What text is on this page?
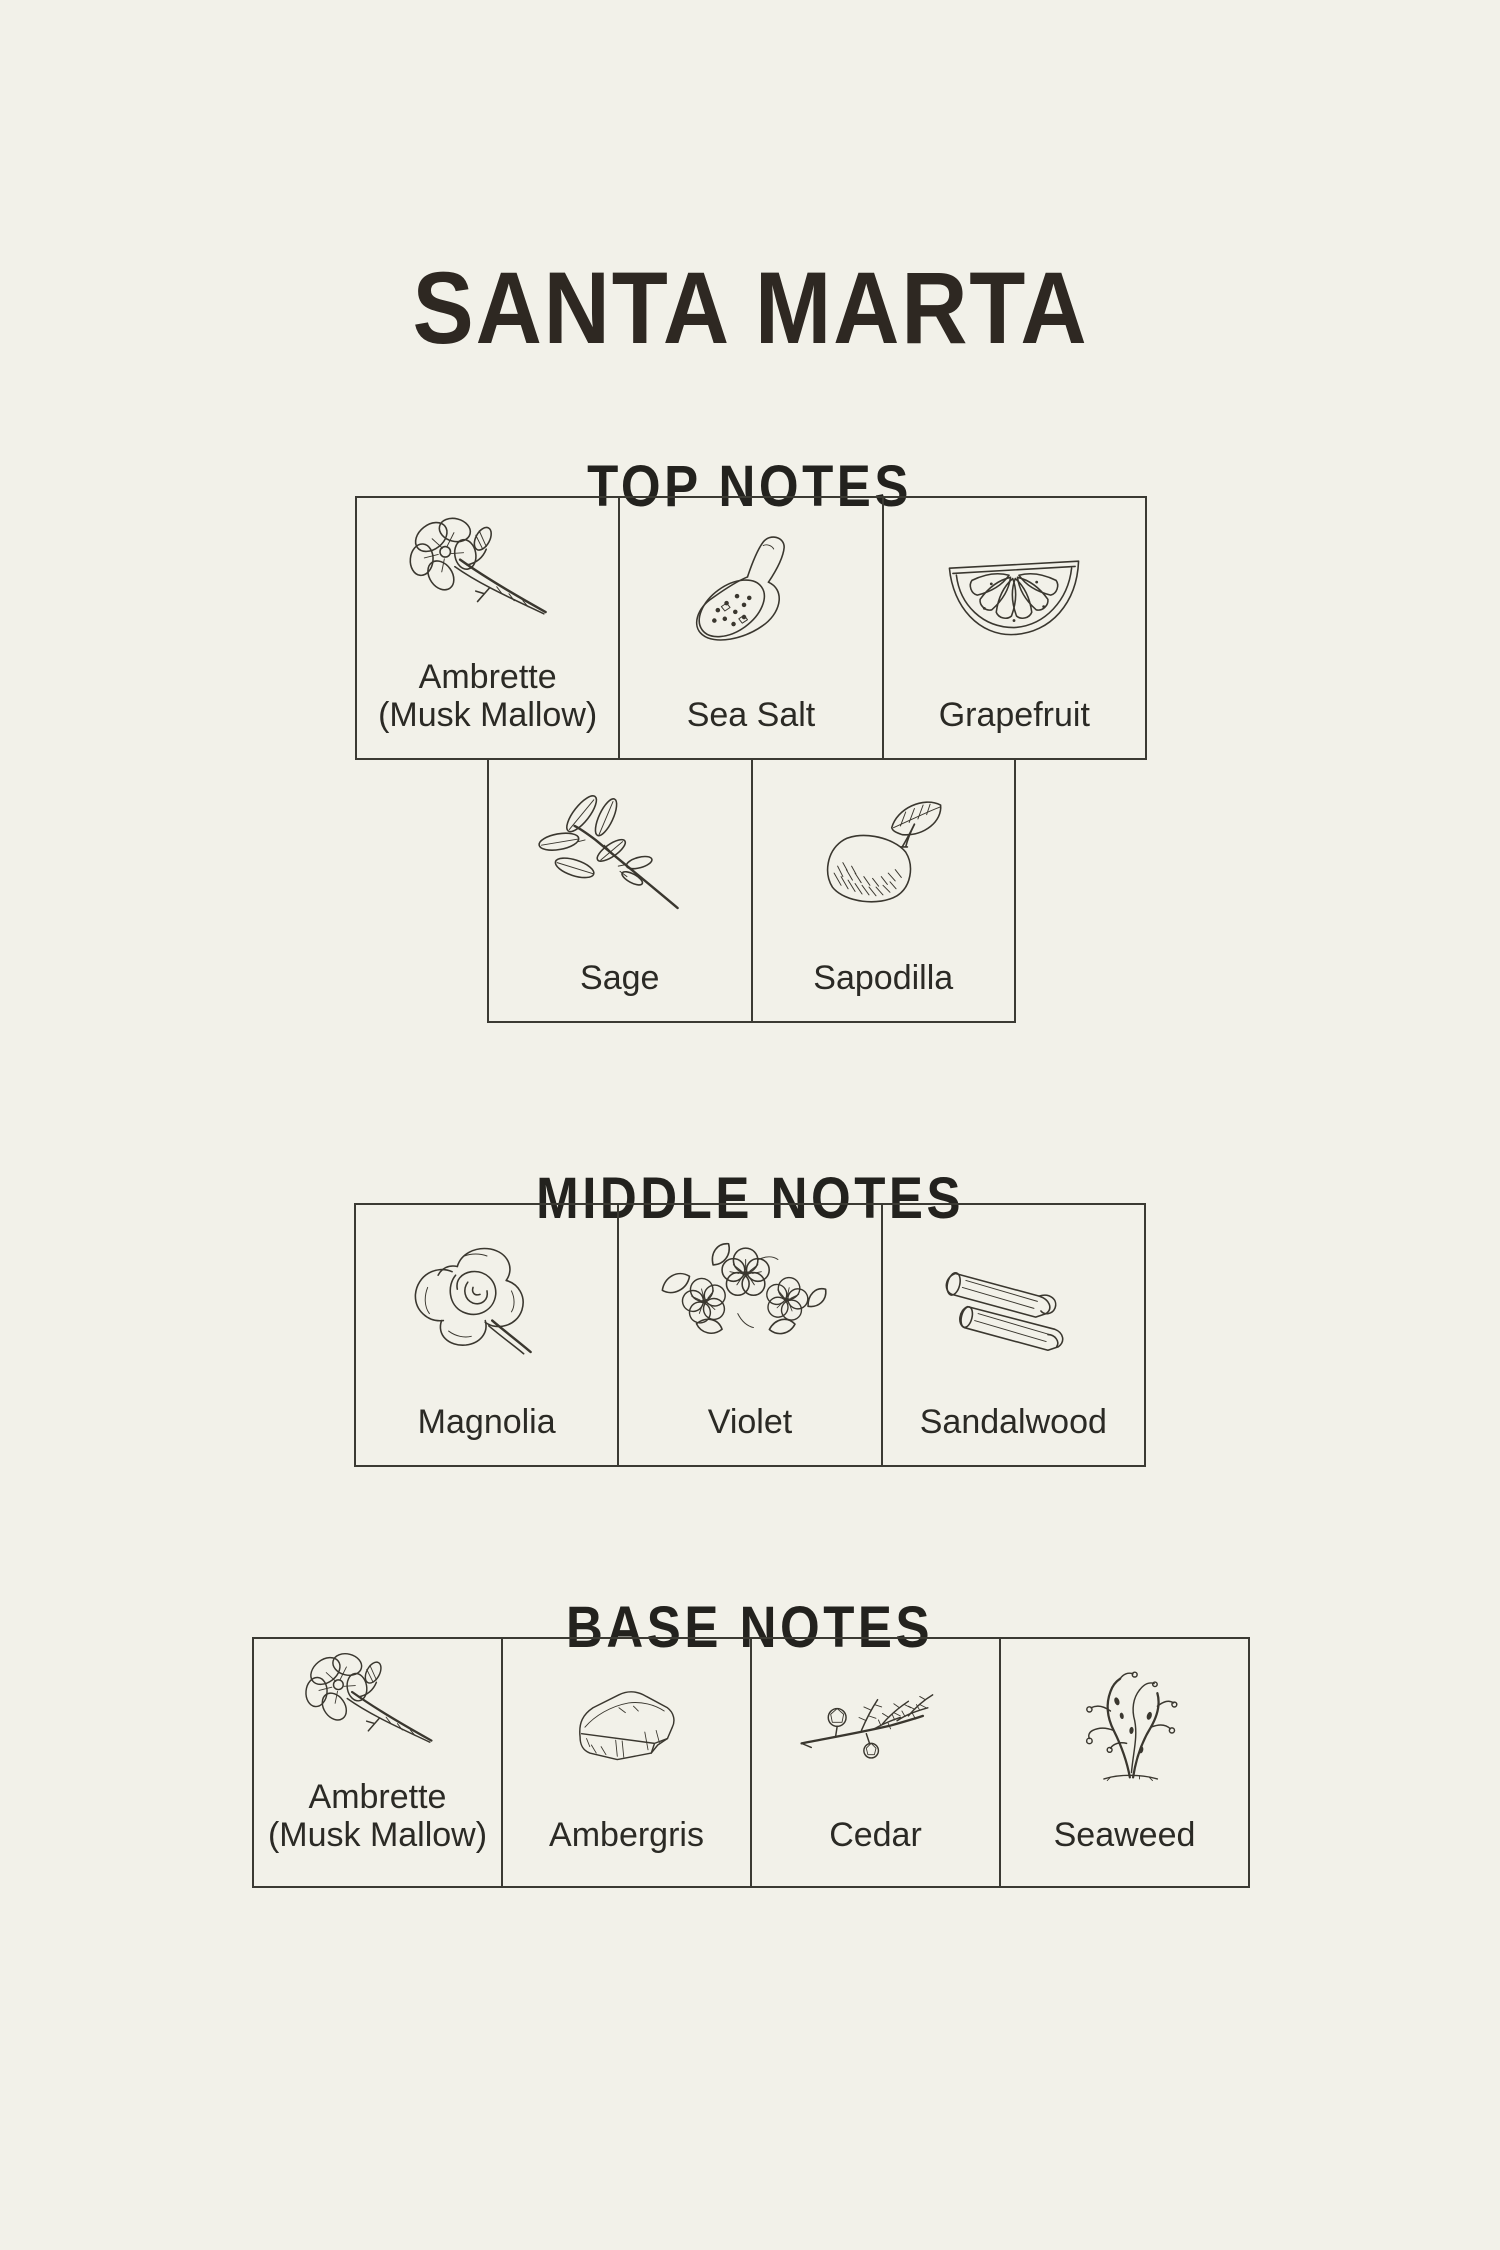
SANTA MARTA
TOP NOTES
Ambrette
(Musk Mallow)	Sea Salt	Grapefruit
Sage	Sapodilla
MIDDLE NOTES
Magnolia	Violet	Sandalwood
BASE NOTES
Ambrette
(Musk Mallow) Ambergris	Cedar	Seaweed
